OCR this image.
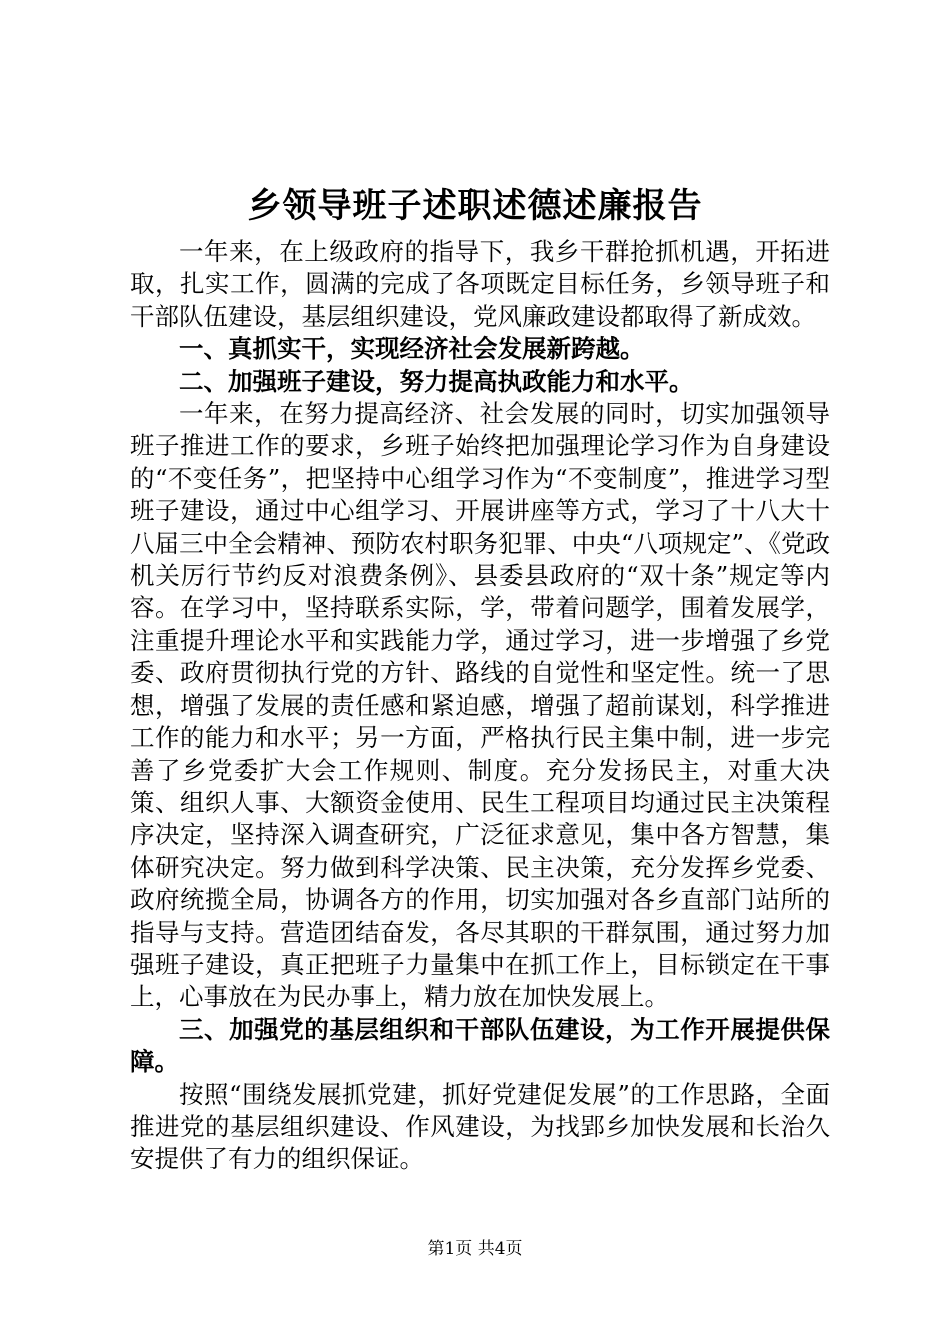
乡领导班子述职述德述廉报告

一年来，在上级政府的指导下，我乡干群抢抓机遇，开拓进取，扎实工作，圆满的完成了各项既定目标任务，乡领导班子和干部队伍建设，基层组织建设，党风廉政建设都取得了新成效。

一、真抓实干，实现经济社会发展新跨越。

二、加强班子建设，努力提高执政能力和水平。

一年来，在努力提高经济、社会发展的同时，切实加强领导班子推进工作的要求，乡班子始终把加强理论学习作为自身建设的“不变任务”，把坚持中心组学习作为“不变制度”，推进学习型班子建设，通过中心组学习、开展讲座等方式，学习了十八大十八届三中全会精神、预防农村职务犯罪、中央“八项规定”、《党政机关厉行节约反对浪费条例》、县委县政府的“双十条”规定等内容。在学习中，坚持联系实际，学，带着问题学，围着发展学，注重提升理论水平和实践能力学，通过学习，进一步增强了乡党委、政府贯彻执行党的方针、路线的自觉性和坚定性。统一了思想，增强了发展的责任感和紧迫感，增强了超前谋划，科学推进工作的能力和水平；另一方面，严格执行民主集中制，进一步完善了乡党委扩大会工作规则、制度。充分发扬民主，对重大决策、组织人事、大额资金使用、民生工程项目均通过民主决策程序决定，坚持深入调查研究，广泛征求意见，集中各方智慧，集体研究决定。努力做到科学决策、民主决策，充分发挥乡党委、政府统揽全局，协调各方的作用，切实加强对各乡直部门站所的指导与支持。营造团结奋发，各尽其职的干群氛围，通过努力加强班子建设，真正把班子力量集中在抓工作上，目标锁定在干事上，心事放在为民办事上，精力放在加快发展上。

三、加强党的基层组织和干部队伍建设，为工作开展提供保障。

按照“围绕发展抓党建，抓好党建促发展”的工作思路，全面推进党的基层组织建设、作风建设，为找郢乡加快发展和长治久安提供了有力的组织保证。

第1页 共4页
